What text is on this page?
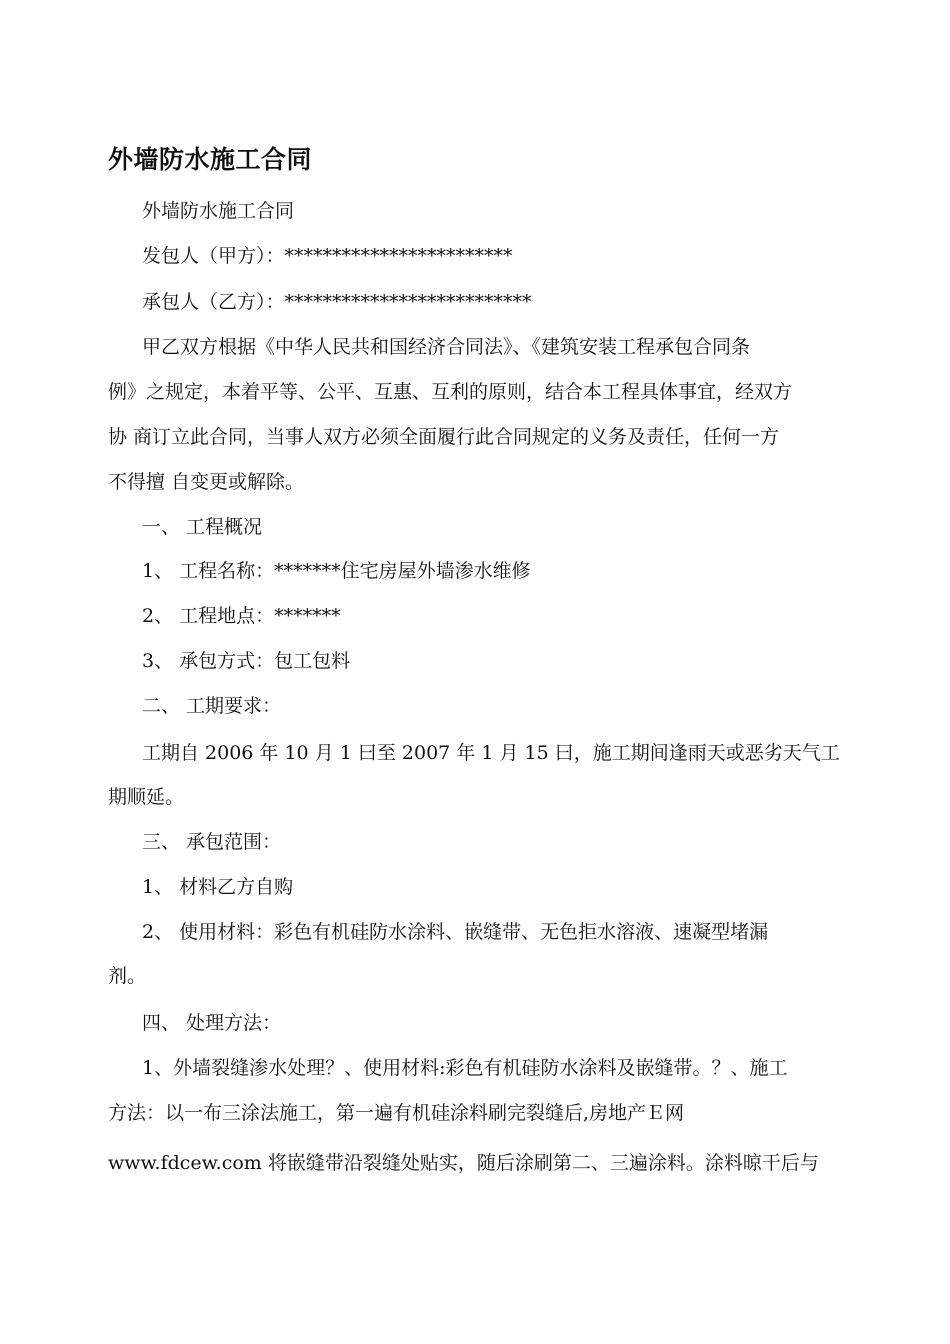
外墙防水施工合同
外墙防水施工合同
发包人（甲方）：************************
承包人（乙方）：**************************
甲乙双方根据《中华人民共和国经济合同法》、《建筑安装工程承包合同条
例》之规定，本着平等、公平、互惠、互利的原则，结合本工程具体事宜，经双方
协 商订立此合同，当事人双方必须全面履行此合同规定的义务及责任，任何一方
不得擅 自变更或解除。
一、 工程概况
1、 工程名称：*******住宅房屋外墙渗水维修
2、 工程地点：*******
3、 承包方式：包工包料
二、 工期要求：
工期自 2006 年 10 月 1 曰至 2007 年 1 月 15 曰，施工期间逢雨天或恶劣天气工
期顺延。
三、 承包范围：
1、 材料乙方自购
2、 使用材料：彩色有机硅防水涂料、嵌缝带、无色拒水溶液、速凝型堵漏
剂。
四、 处理方法：
1、外墙裂缝渗水处理？、使用材料:彩色有机硅防水涂料及嵌缝带。？、施工
方法：以一布三涂法施工，第一遍有机硅涂料刷完裂缝后,房地产Ｅ网
www.fdcew.com 将嵌缝带沿裂缝处贴实，随后涂刷第二、三遍涂料。涂料晾干后与
